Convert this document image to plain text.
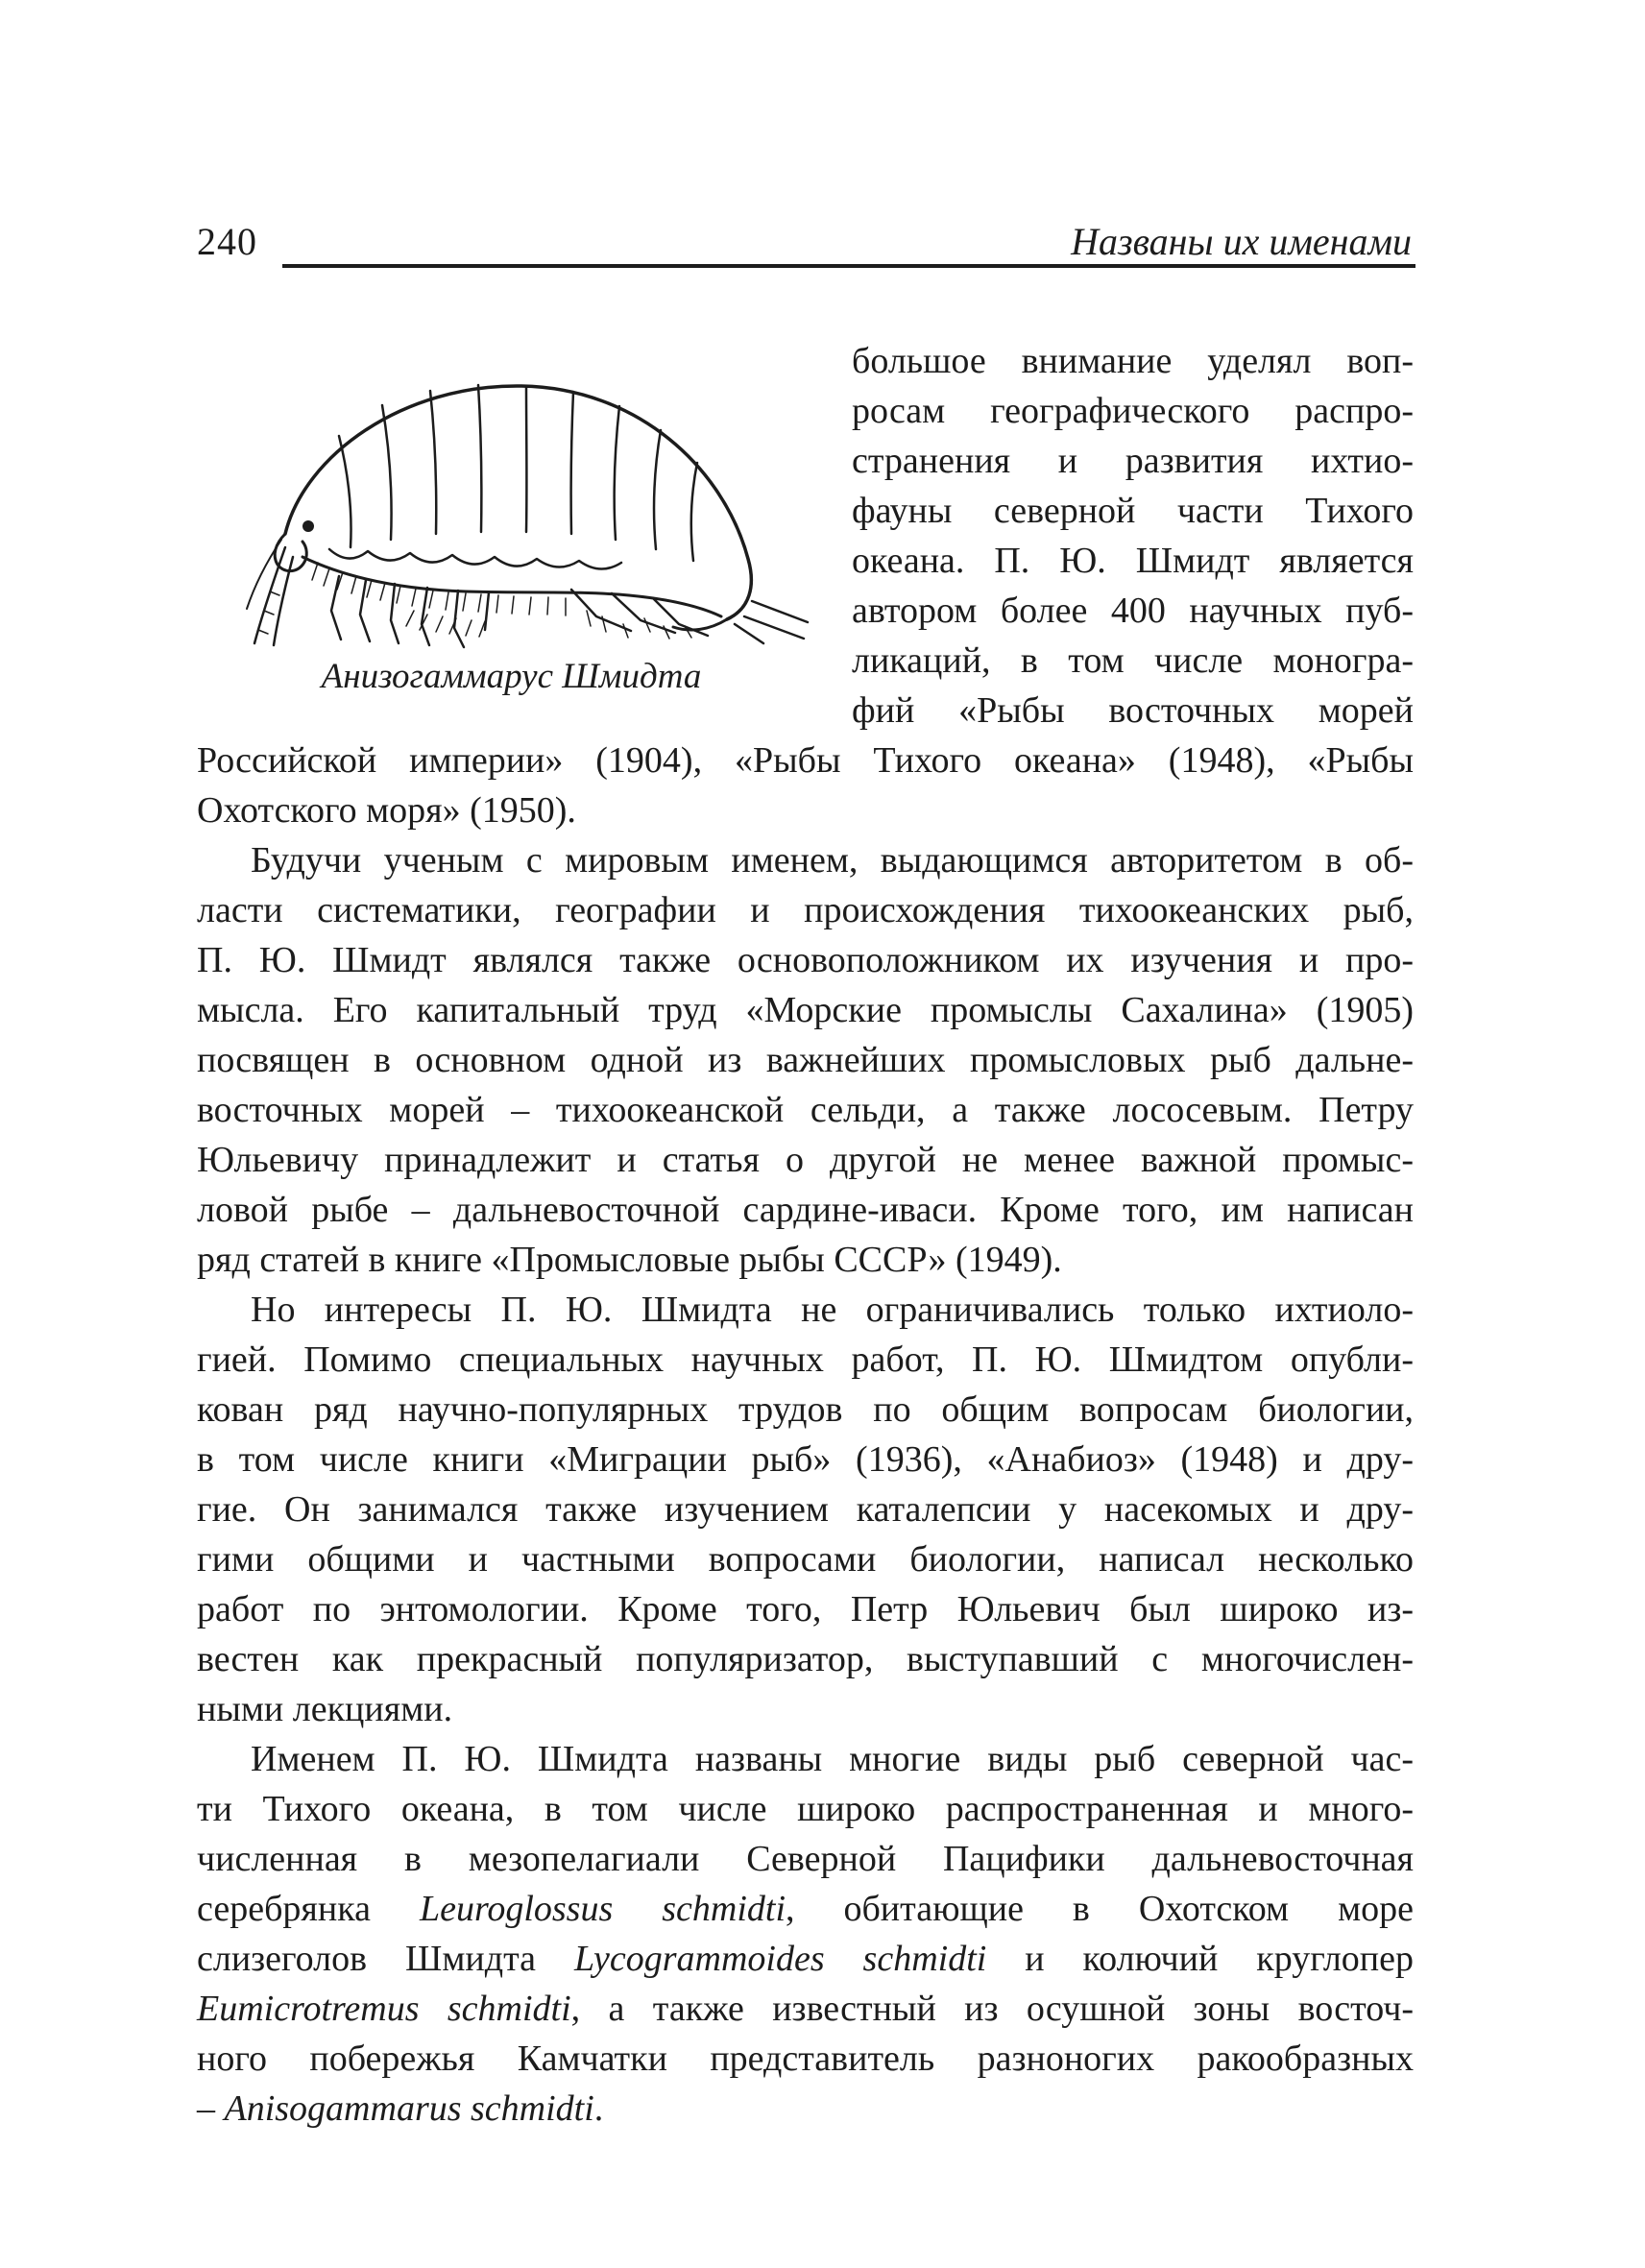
240	Названы их именами
Анизогаммарус Шмидта
большое внимание уделял воп-
росам географического распро-
странения и развития ихтио-
фауны северной части Тихого
океана. П. Ю. Шмидт является
автором более 400 научных пуб-
ликаций, в том числе моногра-
фий «Рыбы восточных морей
Российской империи» (1904), «Рыбы Тихого океана» (1948), «Рыбы
Охотского моря» (1950).
Будучи ученым с мировым именем, выдающимся авторитетом в об-
ласти систематики, географии и происхождения тихоокеанских рыб,
П. Ю. Шмидт являлся также основоположником их изучения и про-
мысла. Его капитальный труд «Морские промыслы Сахалина» (1905)
посвящен в основном одной из важнейших промысловых рыб дальне-
восточных морей – тихоокеанской сельди, а также лососевым. Петру
Юльевичу принадлежит и статья о другой не менее важной промыс-
ловой рыбе – дальневосточной сардине-иваси. Кроме того, им написан
ряд статей в книге «Промысловые рыбы СССР» (1949).
Но интересы П. Ю. Шмидта не ограничивались только ихтиоло-
гией. Помимо специальных научных работ, П. Ю. Шмидтом опубли-
кован ряд научно-популярных трудов по общим вопросам биологии,
в том числе книги «Миграции рыб» (1936), «Анабиоз» (1948) и дру-
гие. Он занимался также изучением каталепсии у насекомых и дру-
гими общими и частными вопросами биологии, написал несколько
работ по энтомологии. Кроме того, Петр Юльевич был широко из-
вестен как прекрасный популяризатор, выступавший с многочислен-
ными лекциями.
Именем П. Ю. Шмидта названы многие виды рыб северной час-
ти Тихого океана, в том числе широко распространенная и много-
численная в мезопелагиали Северной Пацифики дальневосточная
серебрянка Leuroglossus schmidti, обитающие в Охотском море
слизеголов Шмидта Lycogrammoides schmidti и колючий круглопер
Eumicrotremus schmidti, а также известный из осушной зоны восточ-
ного побережья Камчатки представитель разноногих ракообразных
– Anisogammarus schmidti.
